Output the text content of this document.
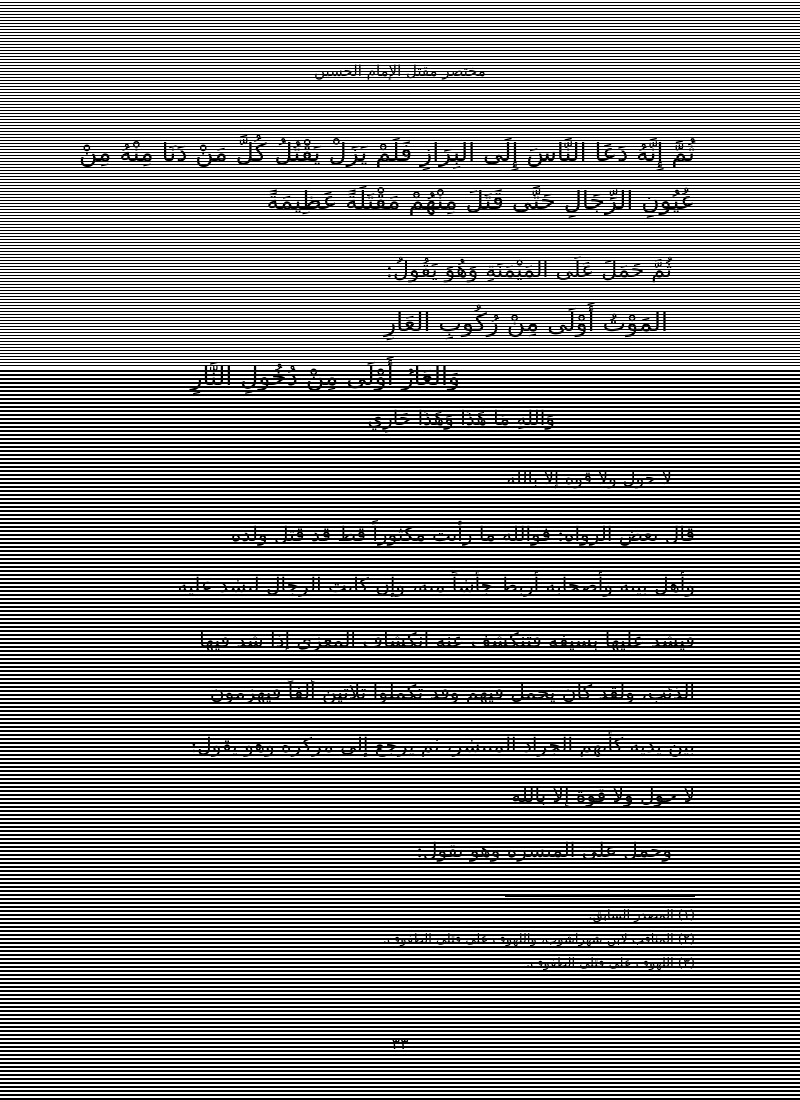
مختصر مقتل الإمام الحسين

ثُمَّ إِنَّهُ دَعَا النَّاسَ إِلَى البِرَازِ فَلَمْ يَزَلْ يَقْتُلُ كُلَّ مَنْ دَنَا مِنْهُ مِنْ

عُيُونِ الرِّجَالِ حَتَّى قَتَلَ مِنْهُمْ مَقْتَلَةً عَظِيمَةً

ثُمَّ حَمَلَ عَلَى المَيْمَنَةِ وَهُوَ يَقُولُ:

المَوْتُ أَوْلَى مِنْ رُكُوبِ العَارِ

وَالعَارُ أَوْلَى مِنْ دُخُولِ النَّارِ

وَاللهِ مَا هَذَا وَهَذَا جَارِي

لا حول ولا قوة إلا بالله

قال بعض الرواة: فوالله ما رأيت مكثوراً قط قد قتل ولده

وأهل بيته وأصحابه أربط جأشاً منه، وإن كانت الرجال لتشد عليه

فيشد عليها بسيفه فتنكشف عنه انكشاف المعزى إذا شد فيها

الذئب، ولقد كان يحمل فيهم وقد تكملوا ثلاثين ألفاً فيهزمون

بين يديه كأنهم الجراد المنتشر، ثم يرجع إلى مركزه وهو يقول:

لا حول ولا قوة إلا بالله

وحمل على الميسرة وهو يقول:

(١) المصدر السابق.

(٢) المناقب لابن شهرآشوب، واللهوف على قتلى الطفوف.

(٣) اللهوف على قتلى الطفوف.

٣٣
